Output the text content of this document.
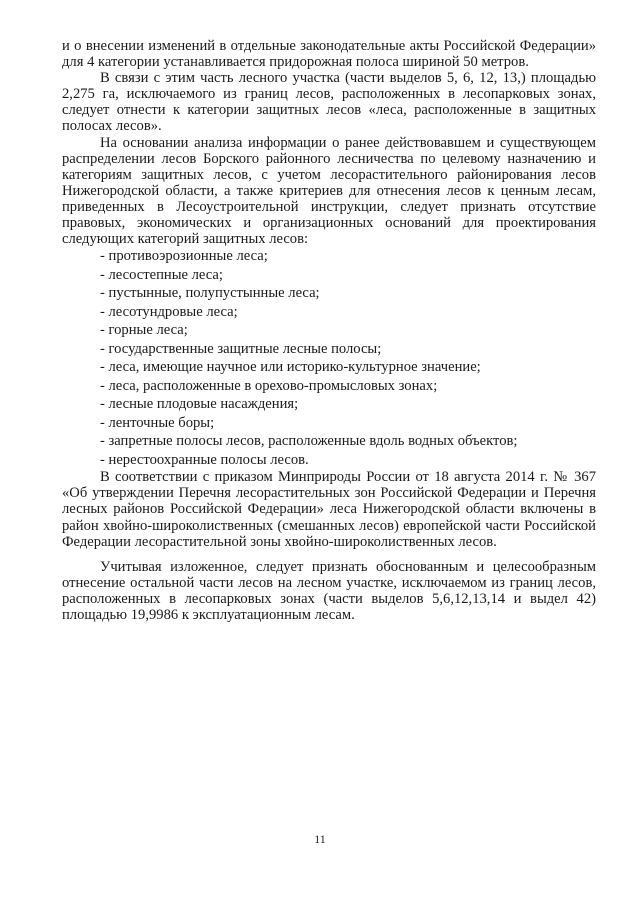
и о внесении изменений в отдельные законодательные акты Российской Федерации» для 4 категории устанавливается придорожная полоса шириной 50 метров.

В связи с этим часть лесного участка (части выделов 5, 6, 12, 13,) площадью 2,275 га, исключаемого из границ лесов, расположенных в лесопарковых зонах, следует отнести к категории защитных лесов «леса, расположенные в защитных полосах лесов».

На основании анализа информации о ранее действовавшем и существующем распределении лесов Борского районного лесничества по целевому назначению и категориям защитных лесов, с учетом лесорастительного районирования лесов Нижегородской области, а также критериев для отнесения лесов к ценным лесам, приведенных в Лесоустроительной инструкции, следует признать отсутствие правовых, экономических и организационных оснований для проектирования следующих категорий защитных лесов:

- противоэрозионные леса;
- лесостепные леса;
- пустынные, полупустынные леса;
- лесотундровые леса;
- горные леса;
- государственные защитные лесные полосы;
- леса, имеющие научное или историко-культурное значение;
- леса, расположенные в орехово-промысловых зонах;
- лесные плодовые насаждения;
- ленточные боры;
- запретные полосы лесов, расположенные вдоль водных объектов;
- нерестоохранные полосы лесов.

В соответствии с приказом Минприроды России от 18 августа 2014 г. № 367 «Об утверждении Перечня лесорастительных зон Российской Федерации и Перечня лесных районов Российской Федерации» леса Нижегородской области включены в район хвойно-широколиственных (смешанных лесов) европейской части Российской Федерации лесорастительной зоны хвойно-широколиственных лесов.

Учитывая изложенное, следует признать обоснованным и целесообразным отнесение остальной части лесов на лесном участке, исключаемом из границ лесов, расположенных в лесопарковых зонах (части выделов 5,6,12,13,14 и выдел 42) площадью 19,9986 к эксплуатационным лесам.

11
